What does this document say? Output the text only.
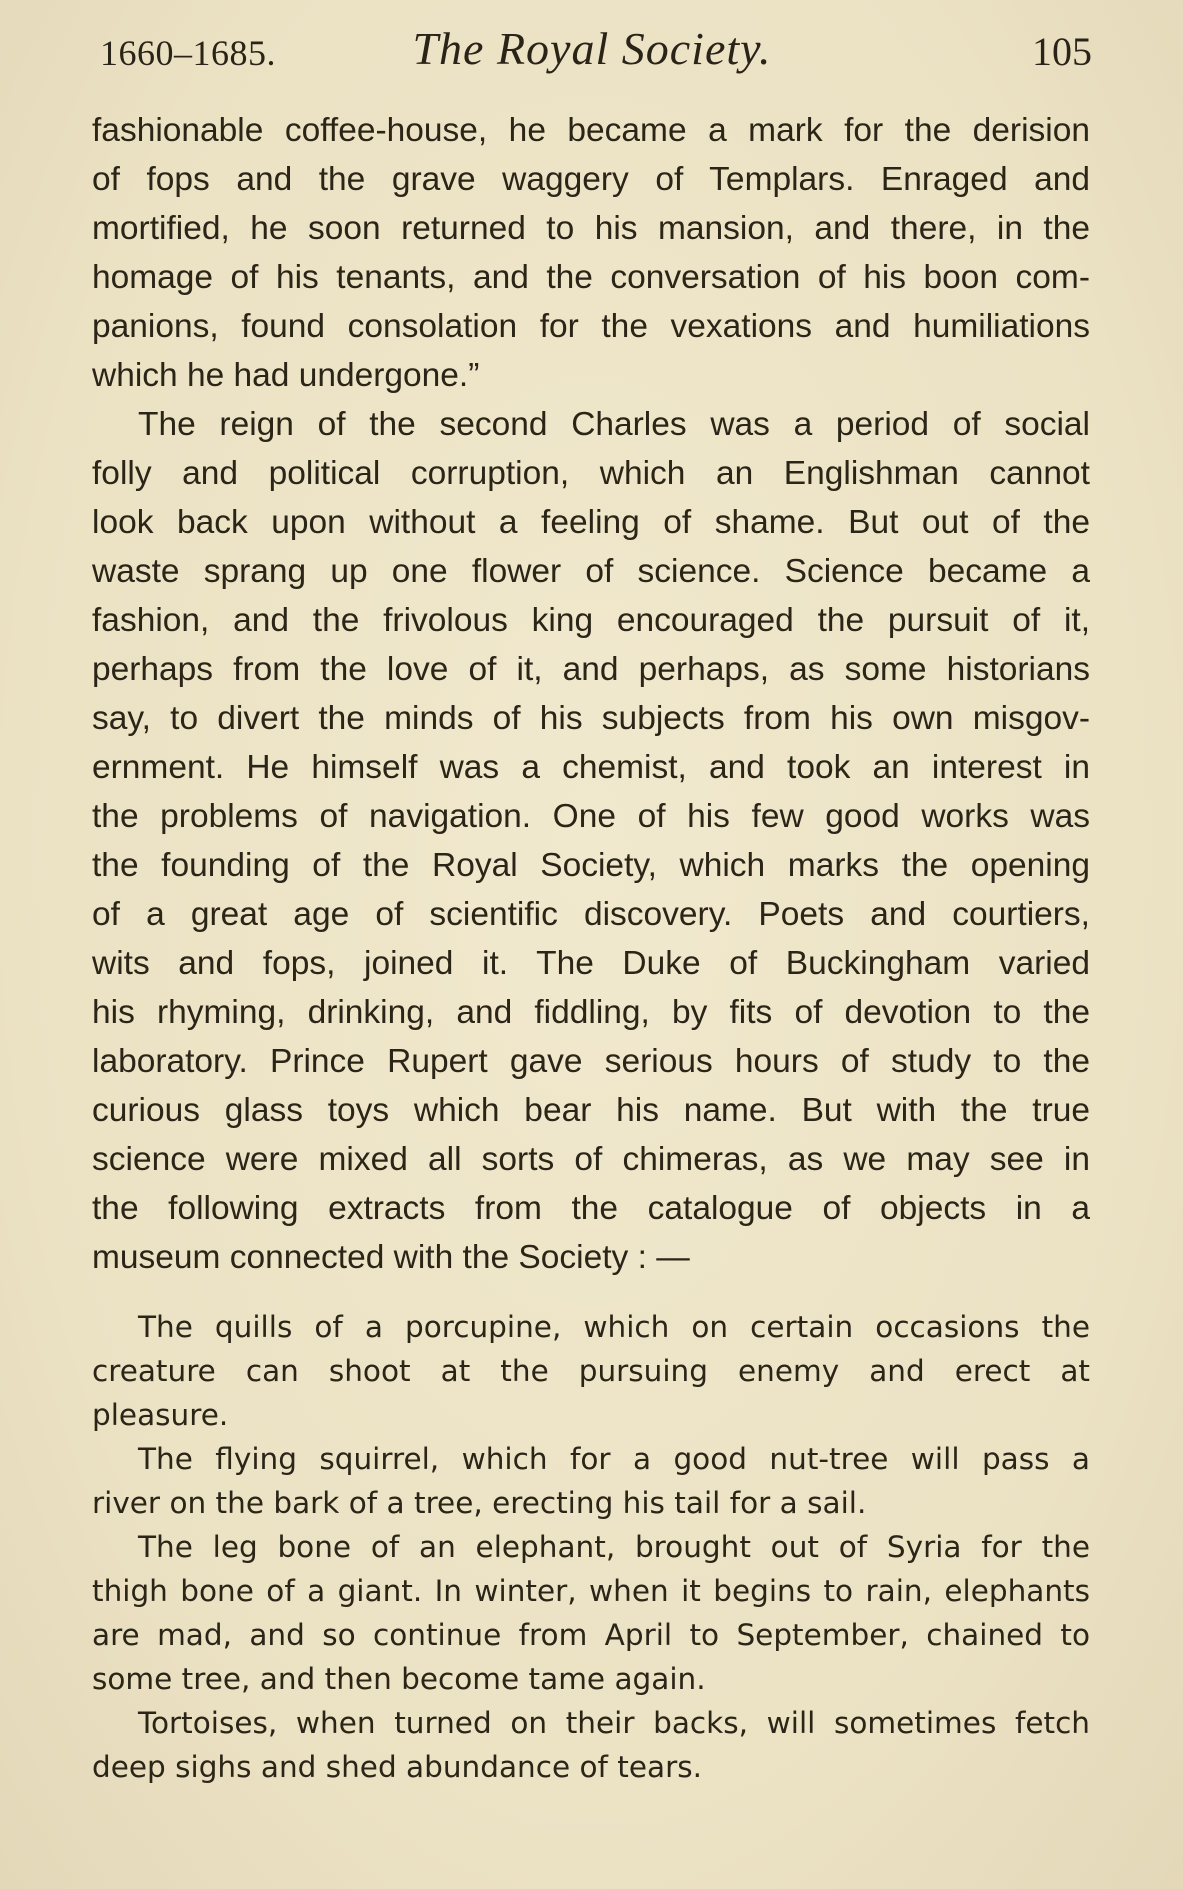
1660–1685.	The Royal Society.	105
fashionable coffee-house, he became a mark for the derision
of fops and the grave waggery of Templars. Enraged and
mortified, he soon returned to his mansion, and there, in the
homage of his tenants, and the conversation of his boon com-
panions, found consolation for the vexations and humiliations
which he had undergone.”
The reign of the second Charles was a period of social
folly and political corruption, which an Englishman cannot
look back upon without a feeling of shame. But out of the
waste sprang up one flower of science. Science became a
fashion, and the frivolous king encouraged the pursuit of it,
perhaps from the love of it, and perhaps, as some historians
say, to divert the minds of his subjects from his own misgov-
ernment. He himself was a chemist, and took an interest in
the problems of navigation. One of his few good works was
the founding of the Royal Society, which marks the opening
of a great age of scientific discovery. Poets and courtiers,
wits and fops, joined it. The Duke of Buckingham varied
his rhyming, drinking, and fiddling, by fits of devotion to the
laboratory. Prince Rupert gave serious hours of study to the
curious glass toys which bear his name. But with the true
science were mixed all sorts of chimeras, as we may see in
the following extracts from the catalogue of objects in a
museum connected with the Society : —
The quills of a porcupine, which on certain occasions the
creature can shoot at the pursuing enemy and erect at
pleasure.
The flying squirrel, which for a good nut-tree will pass a
river on the bark of a tree, erecting his tail for a sail.
The leg bone of an elephant, brought out of Syria for the
thigh bone of a giant. In winter, when it begins to rain, elephants
are mad, and so continue from April to September, chained to
some tree, and then become tame again.
Tortoises, when turned on their backs, will sometimes fetch
deep sighs and shed abundance of tears.
